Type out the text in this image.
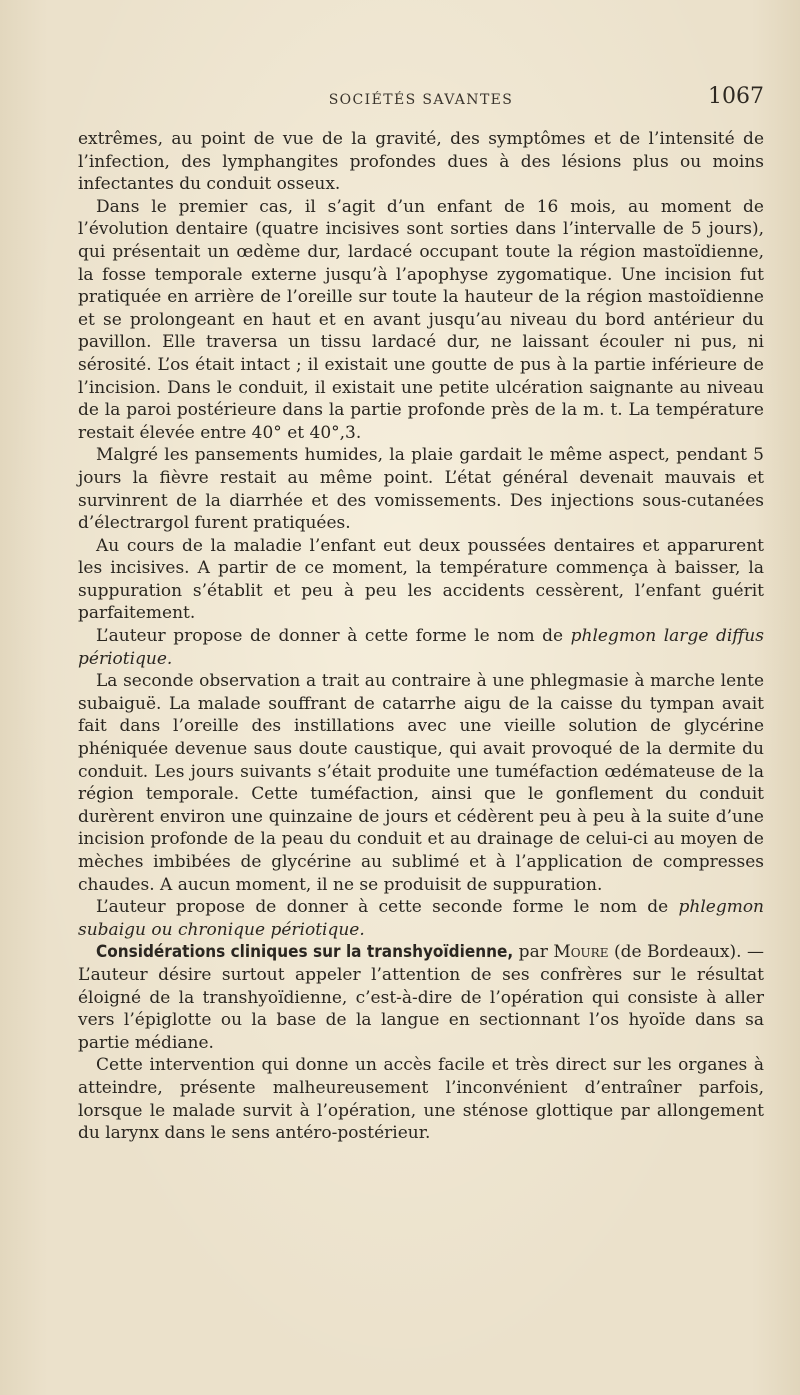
SOCIÉTÉS SAVANTES	1067

extrêmes, au point de vue de la gravité, des symptômes et de l’intensité de l’infection, des lymphangites profondes dues à des lésions plus ou moins infectantes du conduit osseux.

Dans le premier cas, il s’agit d’un enfant de 16 mois, au moment de l’évolution dentaire (quatre incisives sont sorties dans l’intervalle de 5 jours), qui présentait un œdème dur, lardacé occupant toute la région mastoïdienne, la fosse temporale externe jusqu’à l’apophyse zygomatique. Une incision fut pratiquée en arrière de l’oreille sur toute la hauteur de la région mastoïdienne et se prolongeant en haut et en avant jusqu’au niveau du bord antérieur du pavillon. Elle traversa un tissu lardacé dur, ne laissant écouler ni pus, ni sérosité. L’os était intact ; il existait une goutte de pus à la partie inférieure de l’incision. Dans le conduit, il existait une petite ulcération saignante au niveau de la paroi postérieure dans la partie profonde près de la m. t. La température restait élevée entre 40° et 40°,3.

Malgré les pansements humides, la plaie gardait le même aspect, pendant 5 jours la fièvre restait au même point. L’état général devenait mauvais et survinrent de la diarrhée et des vomissements. Des injections sous-cutanées d’électrargol furent pratiquées.

Au cours de la maladie l’enfant eut deux poussées dentaires et apparurent les incisives. A partir de ce moment, la température commença à baisser, la suppuration s’établit et peu à peu les accidents cessèrent, l’enfant guérit parfaitement.

L’auteur propose de donner à cette forme le nom de phlegmon large diffus périotique.

La seconde observation a trait au contraire à une phlegmasie à marche lente subaiguë. La malade souffrant de catarrhe aigu de la caisse du tympan avait fait dans l’oreille des instillations avec une vieille solution de glycérine phéniquée devenue saus doute caustique, qui avait provoqué de la dermite du conduit. Les jours suivants s’était produite une tuméfaction œdémateuse de la région temporale. Cette tuméfaction, ainsi que le gonflement du conduit durèrent environ une quinzaine de jours et cédèrent peu à peu à la suite d’une incision profonde de la peau du conduit et au drainage de celui-ci au moyen de mèches imbibées de glycérine au sublimé et à l’application de compresses chaudes. A aucun moment, il ne se produisit de suppuration.

L’auteur propose de donner à cette seconde forme le nom de phlegmon subaigu ou chronique périotique.

Considérations cliniques sur la transhyoïdienne, par Moure (de Bordeaux). — L’auteur désire surtout appeler l’attention de ses confrères sur le résultat éloigné de la transhyoïdienne, c’est-à-dire de l’opération qui consiste à aller vers l’épiglotte ou la base de la langue en sectionnant l’os hyoïde dans sa partie médiane.

Cette intervention qui donne un accès facile et très direct sur les organes à atteindre, présente malheureusement l’inconvénient d’entraîner parfois, lorsque le malade survit à l’opération, une sténose glottique par allongement du larynx dans le sens antéro-postérieur.
